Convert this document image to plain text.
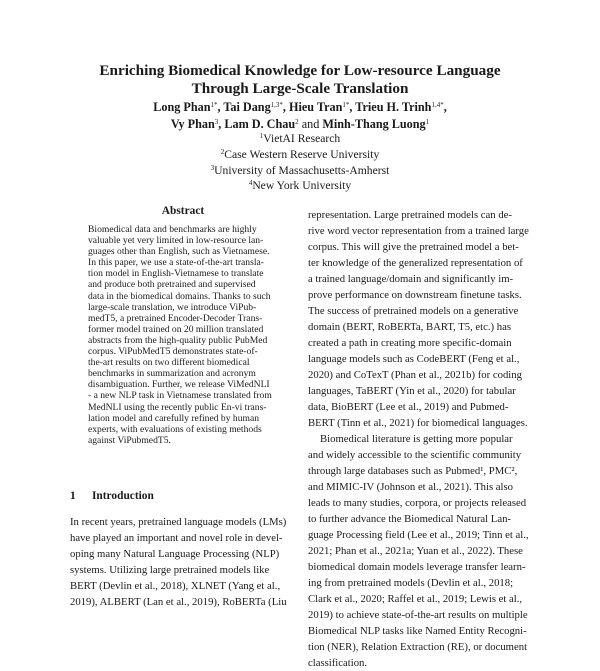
Enriching Biomedical Knowledge for Low-resource Language
Through Large-Scale Translation
Long Phan$^{1*}$, Tai Dang$^{1,3*}$, Hieu Tran$^{1*}$, Trieu H. Trinh$^{1,4*}$,
Vy Phan$^3$, Lam D. Chau$^2$ and Minh-Thang Luong$^1$
$^1$VietAI Research
$^2$Case Western Reserve University
$^3$University of Massachusetts-Amherst
$^4$New York University
Abstract
Biomedical data and benchmarks are highly
valuable yet very limited in low-resource lan-
guages other than English, such as Vietnamese.
In this paper, we use a state-of-the-art transla-
tion model in English-Vietnamese to translate
and produce both pretrained and supervised
data in the biomedical domains. Thanks to such
large-scale translation, we introduce ViPub-
medT5, a pretrained Encoder-Decoder Trans-
former model trained on 20 million translated
abstracts from the high-quality public PubMed
corpus. ViPubMedT5 demonstrates state-of-
the-art results on two different biomedical
benchmarks in summarization and acronym
disambiguation. Further, we release ViMedNLI
- a new NLP task in Vietnamese translated from
MedNLI using the recently public En-vi trans-
lation model and carefully refined by human
experts, with evaluations of existing methods
against ViPubmedT5.
1 Introduction
In recent years, pretrained language models (LMs)
have played an important and novel role in devel-
oping many Natural Language Processing (NLP)
systems. Utilizing large pretrained models like
BERT (Devlin et al., 2018), XLNET (Yang et al.,
2019), ALBERT (Lan et al., 2019), RoBERTa (Liu
representation. Large pretrained models can de-
rive word vector representation from a trained large
corpus. This will give the pretrained model a bet-
ter knowledge of the generalized representation of
a trained language/domain and significantly im-
prove performance on downstream finetune tasks.
The success of pretrained models on a generative
domain (BERT, RoBERTa, BART, T5, etc.) has
created a path in creating more specific-domain
language models such as CodeBERT (Feng et al.,
2020) and CoTexT (Phan et al., 2021b) for coding
languages, TaBERT (Yin et al., 2020) for tabular
data, BioBERT (Lee et al., 2019) and Pubmed-
BERT (Tinn et al., 2021) for biomedical languages.
Biomedical literature is getting more popular
and widely accessible to the scientific community
through large databases such as Pubmed¹, PMC²,
and MIMIC-IV (Johnson et al., 2021). This also
leads to many studies, corpora, or projects released
to further advance the Biomedical Natural Lan-
guage Processing field (Lee et al., 2019; Tinn et al.,
2021; Phan et al., 2021a; Yuan et al., 2022). These
biomedical domain models leverage transfer learn-
ing from pretrained models (Devlin et al., 2018;
Clark et al., 2020; Raffel et al., 2019; Lewis et al.,
2019) to achieve state-of-the-art results on multiple
Biomedical NLP tasks like Named Entity Recogni-
tion (NER), Relation Extraction (RE), or document
classification.
